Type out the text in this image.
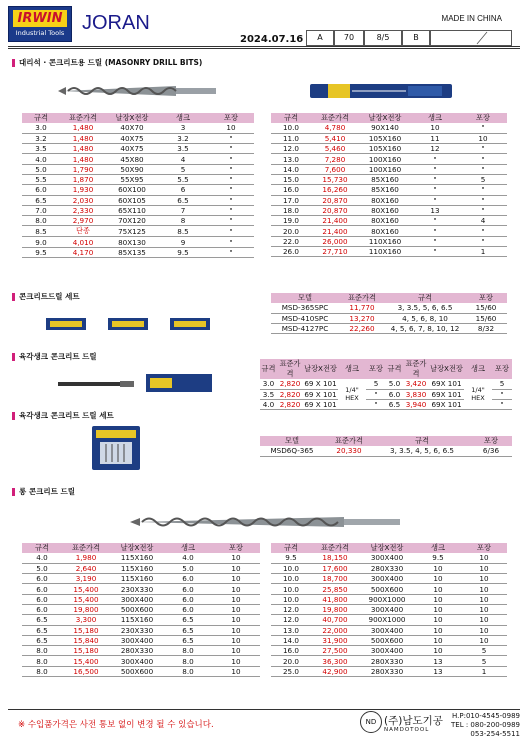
IRWIN
Industrial Tools JORAN	MADE IN CHINA
2024.07.16	A	70	8/5	B
대리석 · 콘크리트용 드릴 (MASONRY DRILL BITS)
규격	표준가격	날장X전장	생크	포장
3.0	1,480	40X70	3	10
3.2	1,480	40X75	3.2	"
3.5	1,480	40X75	3.5	"
4.0	1,480	45X80	4	"
5.0	1,790	50X90	5	"
5.5	1,870	55X95	5.5	"
6.0	1,930	60X100	6	"
6.5	2,030	60X105	6.5	"
7.0	2,330	65X110	7	"
8.0	2,970	70X120	8	"
8.5	단종	75X125	8.5	"
9.0	4,010	80X130	9	"
9.5	4,170	85X135	9.5	"
규격	표준가격	날장X전장	생크	포장
10.0	4,780	90X140	10	"
11.0	5,410	105X160	11	10
12.0	5,460	105X160	12	"
13.0	7,280	100X160	"	"
14.0	7,600	100X160	"	"
15.0	15,730	85X160	"	5
16.0	16,260	85X160	"	"
17.0	20,870	80X160	"	"
18.0	20,870	80X160	13	"
19.0	21,400	80X160	"	4
20.0	21,400	80X160	"	"
22.0	26,000	110X160	"	"
26.0	27,710	110X160	"	1
콘크리트드릴 세트	모델	표준가격	규격	포장
MSD-365SPC	11,770	3, 3.5, 5, 6, 6.5	15/60
MSD-410SPC	13,270	4, 5, 6, 8, 10	15/60
MSD-4127PC	22,260	4, 5, 6, 7, 8, 10, 12	8/32
육각생크 콘크리트 드릴
규격	표준가격	날장X전장	생크	포장	규격	표준가격	날장X전장	생크	포장
3.0	2,820	69 X 101	1/4" HEX	5	5.0	3,420	69X 101	1/4" HEX	5
3.5	2,820	69 X 101		"	6.0	3,830	69X 101		"
4.0	2,820	69 X 101		"	6.5	3,940	69X 101		"
육각생크 콘크리트 드릴 세트
모델	표준가격	규격	포장
MSD6Q-365	20,330	3, 3.5, 4, 5, 6, 6.5	6/36
롱 콘크리트 드릴
규격	표준가격	날장X전장	생크	포장
4.0	1,980	115X160	4.0	10
5.0	2,640	115X160	5.0	10
6.0	3,190	115X160	6.0	10
6.0	15,400	230X330	6.0	10
6.0	15,400	300X400	6.0	10
6.0	19,800	500X600	6.0	10
6.5	3,300	115X160	6.5	10
6.5	15,180	230X330	6.5	10
6.5	15,840	300X400	6.5	10
8.0	15,180	280X330	8.0	10
8.0	15,400	300X400	8.0	10
8.0	16,500	500X600	8.0	10
규격	표준가격	날장X전장	생크	포장
9.5	18,150	300X400	9.5	10
10.0	17,600	280X330	10	10
10.0	18,700	300X400	10	10
10.0	25,850	500X600	10	10
10.0	41,800	900X1000	10	10
12.0	19,800	300X400	10	10
12.0	40,700	900X1000	10	10
13.0	22,000	300X400	10	10
14.0	31,900	500X600	10	10
16.0	27,500	300X400	10	5
20.0	36,300	280X330	13	5
25.0	42,900	280X330	13	1
※ 수입품가격은 사전 통보 없이 변경 될 수 있습니다.	ND (주)남도기공
NAMDOTOOL
H.P:010-4545-0989
TEL : 080-200-0989
053-254-5511
